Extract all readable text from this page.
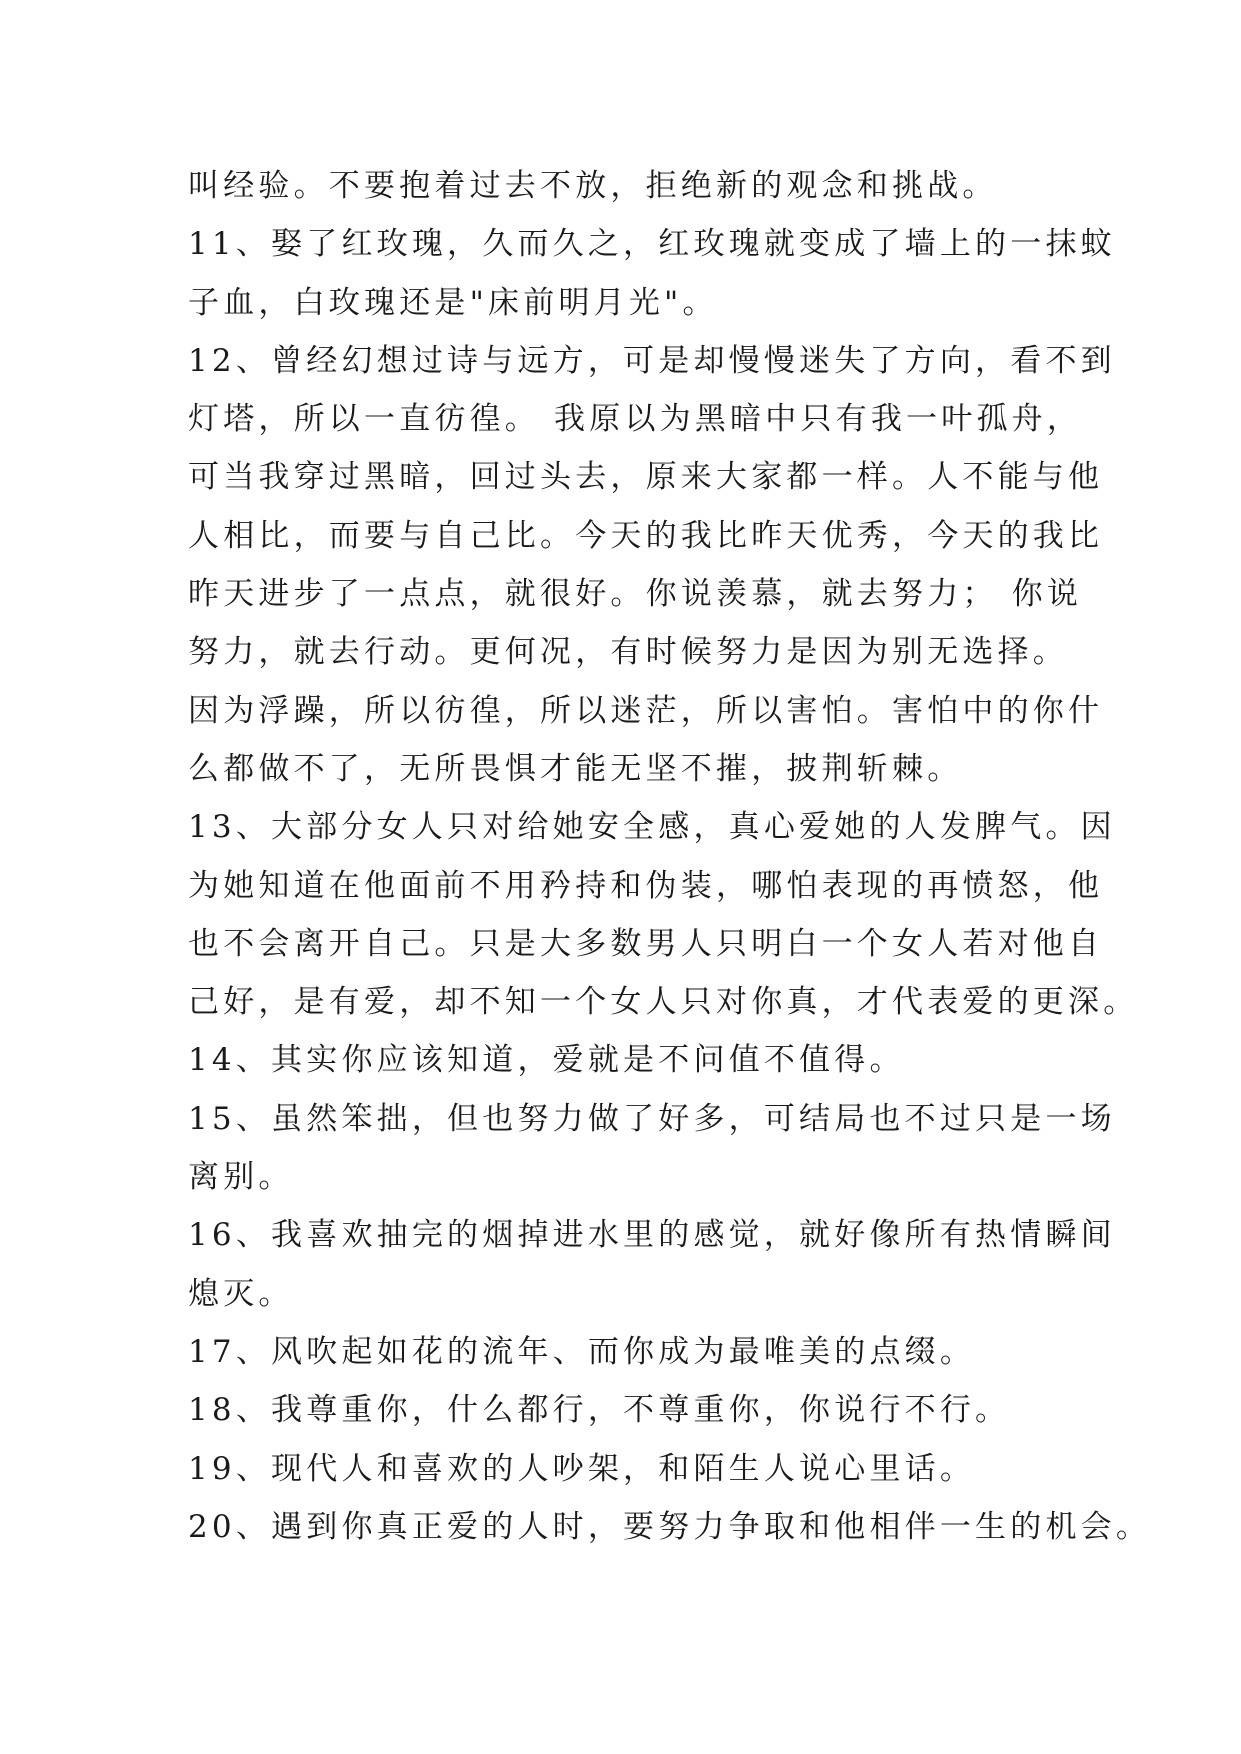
叫经验。不要抱着过去不放，拒绝新的观念和挑战。
11、娶了红玫瑰，久而久之，红玫瑰就变成了墙上的一抹蚊
子血，白玫瑰还是"床前明月光"。
12、曾经幻想过诗与远方，可是却慢慢迷失了方向，看不到
灯塔，所以一直彷徨。 我原以为黑暗中只有我一叶孤舟，
可当我穿过黑暗，回过头去，原来大家都一样。人不能与他
人相比，而要与自己比。今天的我比昨天优秀，今天的我比
昨天进步了一点点，就很好。你说羡慕，就去努力； 你说
努力，就去行动。更何况，有时候努力是因为别无选择。
因为浮躁，所以彷徨，所以迷茫，所以害怕。害怕中的你什
么都做不了，无所畏惧才能无坚不摧，披荆斩棘。
13、大部分女人只对给她安全感，真心爱她的人发脾气。因
为她知道在他面前不用矜持和伪装，哪怕表现的再愤怒，他
也不会离开自己。只是大多数男人只明白一个女人若对他自
己好，是有爱，却不知一个女人只对你真，才代表爱的更深。
14、其实你应该知道，爱就是不问值不值得。
15、虽然笨拙，但也努力做了好多，可结局也不过只是一场
离别。
16、我喜欢抽完的烟掉进水里的感觉，就好像所有热情瞬间
熄灭。
17、风吹起如花的流年、而你成为最唯美的点缀。
18、我尊重你，什么都行，不尊重你，你说行不行。
19、现代人和喜欢的人吵架，和陌生人说心里话。
20、遇到你真正爱的人时，要努力争取和他相伴一生的机会。
